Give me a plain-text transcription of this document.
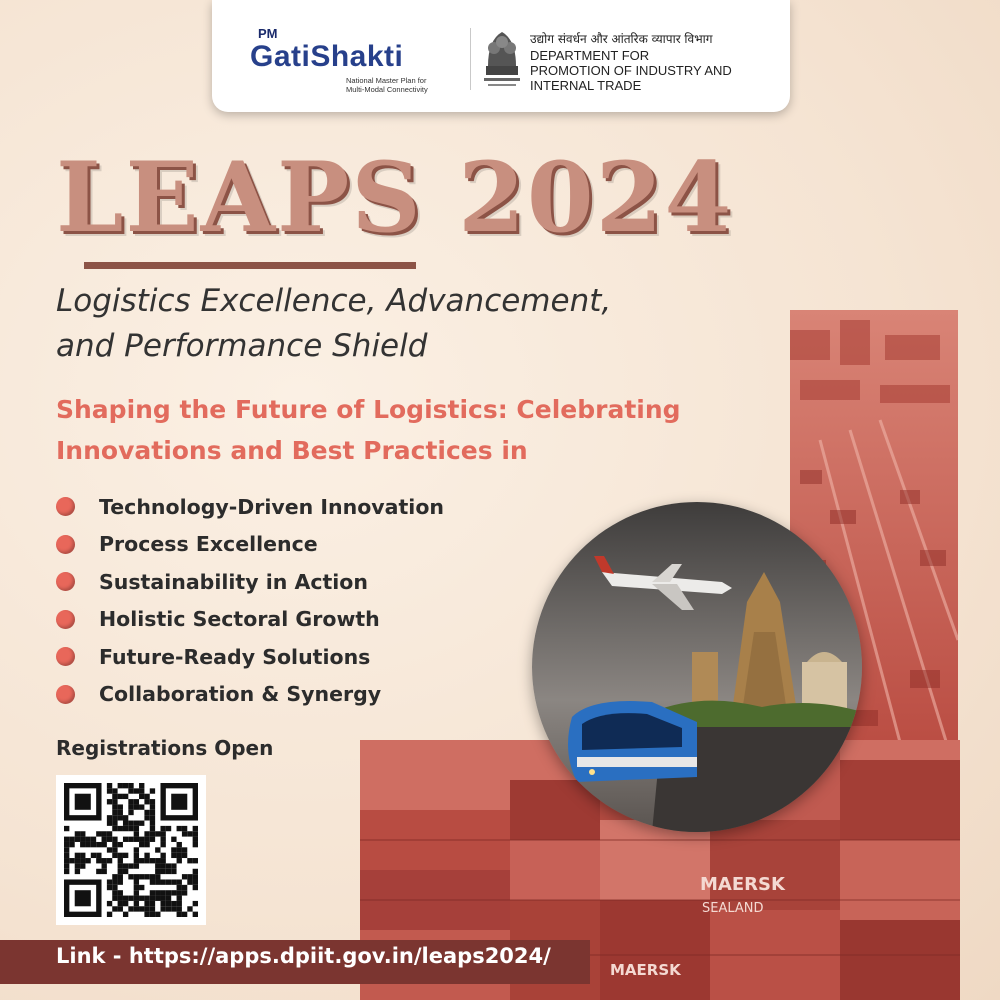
MAERSK
SEALAND
MAERSK
PM
GatiShakti
National Master Plan for
Multi-Modal Connectivity
उद्योग संवर्धन और आंतरिक व्यापार विभाग
DEPARTMENT FOR
PROMOTION OF INDUSTRY AND
INTERNAL TRADE
LEAPS 2024
Logistics Excellence, Advancement,
and Performance Shield
Shaping the Future of Logistics: Celebrating
Innovations and Best Practices in
Technology-Driven Innovation
Process Excellence
Sustainability in Action
Holistic Sectoral Growth
Future-Ready Solutions
Collaboration & Synergy
Registrations Open
Link - https://apps.dpiit.gov.in/leaps2024/
